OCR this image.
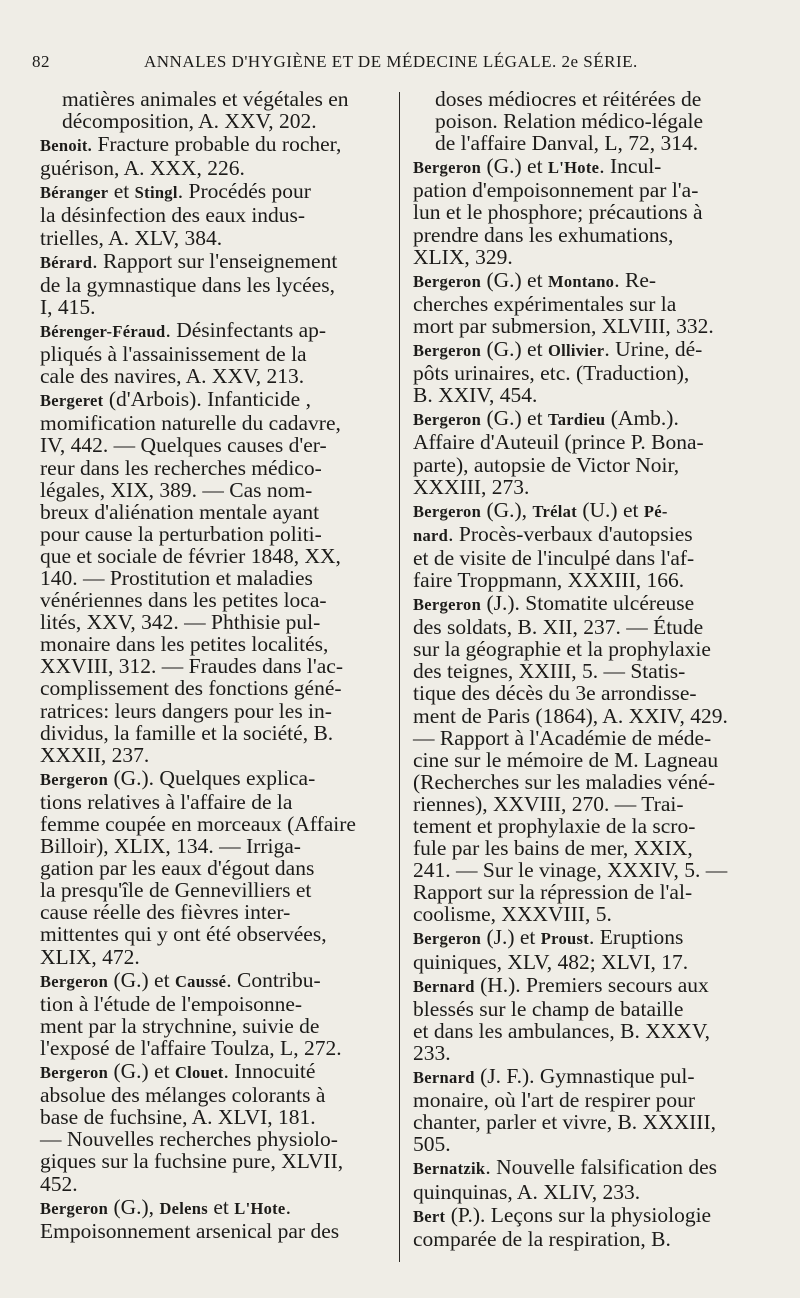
82	ANNALES D'HYGIÈNE ET DE MÉDECINE LÉGALE. 2e SÉRIE.
matières animales et végétales en
décomposition, A. XXV, 202.
Benoit. Fracture probable du rocher,
guérison, A. XXX, 226.
Béranger et Stingl. Procédés pour
la désinfection des eaux indus-
trielles, A. XLV, 384.
Bérard. Rapport sur l'enseignement
de la gymnastique dans les lycées,
I, 415.
Bérenger-Féraud. Désinfectants ap-
pliqués à l'assainissement de la
cale des navires, A. XXV, 213.
Bergeret (d'Arbois). Infanticide ,
momification naturelle du cadavre,
IV, 442. — Quelques causes d'er-
reur dans les recherches médico-
légales, XIX, 389. — Cas nom-
breux d'aliénation mentale ayant
pour cause la perturbation politi-
que et sociale de février 1848, XX,
140. — Prostitution et maladies
vénériennes dans les petites loca-
lités, XXV, 342. — Phthisie pul-
monaire dans les petites localités,
XXVIII, 312. — Fraudes dans l'ac-
complissement des fonctions géné-
ratrices: leurs dangers pour les in-
dividus, la famille et la société, B.
XXXII, 237.
Bergeron (G.). Quelques explica-
tions relatives à l'affaire de la
femme coupée en morceaux (Affaire
Billoir), XLIX, 134. — Irriga-
gation par les eaux d'égout dans
la presqu'île de Gennevilliers et
cause réelle des fièvres inter-
mittentes qui y ont été observées,
XLIX, 472.
Bergeron (G.) et Caussé. Contribu-
tion à l'étude de l'empoisonne-
ment par la strychnine, suivie de
l'exposé de l'affaire Toulza, L, 272.
Bergeron (G.) et Clouet. Innocuité
absolue des mélanges colorants à
base de fuchsine, A. XLVI, 181.
— Nouvelles recherches physiolo-
giques sur la fuchsine pure, XLVII,
452.
Bergeron (G.), Delens et L'Hote.
Empoisonnement arsenical par des
doses médiocres et réitérées de
poison. Relation médico-légale
de l'affaire Danval, L, 72, 314.
Bergeron (G.) et L'Hote. Incul-
pation d'empoisonnement par l'a-
lun et le phosphore; précautions à
prendre dans les exhumations,
XLIX, 329.
Bergeron (G.) et Montano. Re-
cherches expérimentales sur la
mort par submersion, XLVIII, 332.
Bergeron (G.) et Ollivier. Urine, dé-
pôts urinaires, etc. (Traduction),
B. XXIV, 454.
Bergeron (G.) et Tardieu (Amb.).
Affaire d'Auteuil (prince P. Bona-
parte), autopsie de Victor Noir,
XXXIII, 273.
Bergeron (G.), Trélat (U.) et Pé-
nard. Procès-verbaux d'autopsies
et de visite de l'inculpé dans l'af-
faire Troppmann, XXXIII, 166.
Bergeron (J.). Stomatite ulcéreuse
des soldats, B. XII, 237. — Étude
sur la géographie et la prophylaxie
des teignes, XXIII, 5. — Statis-
tique des décès du 3e arrondisse-
ment de Paris (1864), A. XXIV, 429.
— Rapport à l'Académie de méde-
cine sur le mémoire de M. Lagneau
(Recherches sur les maladies véné-
riennes), XXVIII, 270. — Trai-
tement et prophylaxie de la scro-
fule par les bains de mer, XXIX,
241. — Sur le vinage, XXXIV, 5. —
Rapport sur la répression de l'al-
coolisme, XXXVIII, 5.
Bergeron (J.) et Proust. Eruptions
quiniques, XLV, 482; XLVI, 17.
Bernard (H.). Premiers secours aux
blessés sur le champ de bataille
et dans les ambulances, B. XXXV,
233.
Bernard (J. F.). Gymnastique pul-
monaire, où l'art de respirer pour
chanter, parler et vivre, B. XXXIII,
505.
Bernatzik. Nouvelle falsification des
quinquinas, A. XLIV, 233.
Bert (P.). Leçons sur la physiologie
comparée de la respiration, B.
